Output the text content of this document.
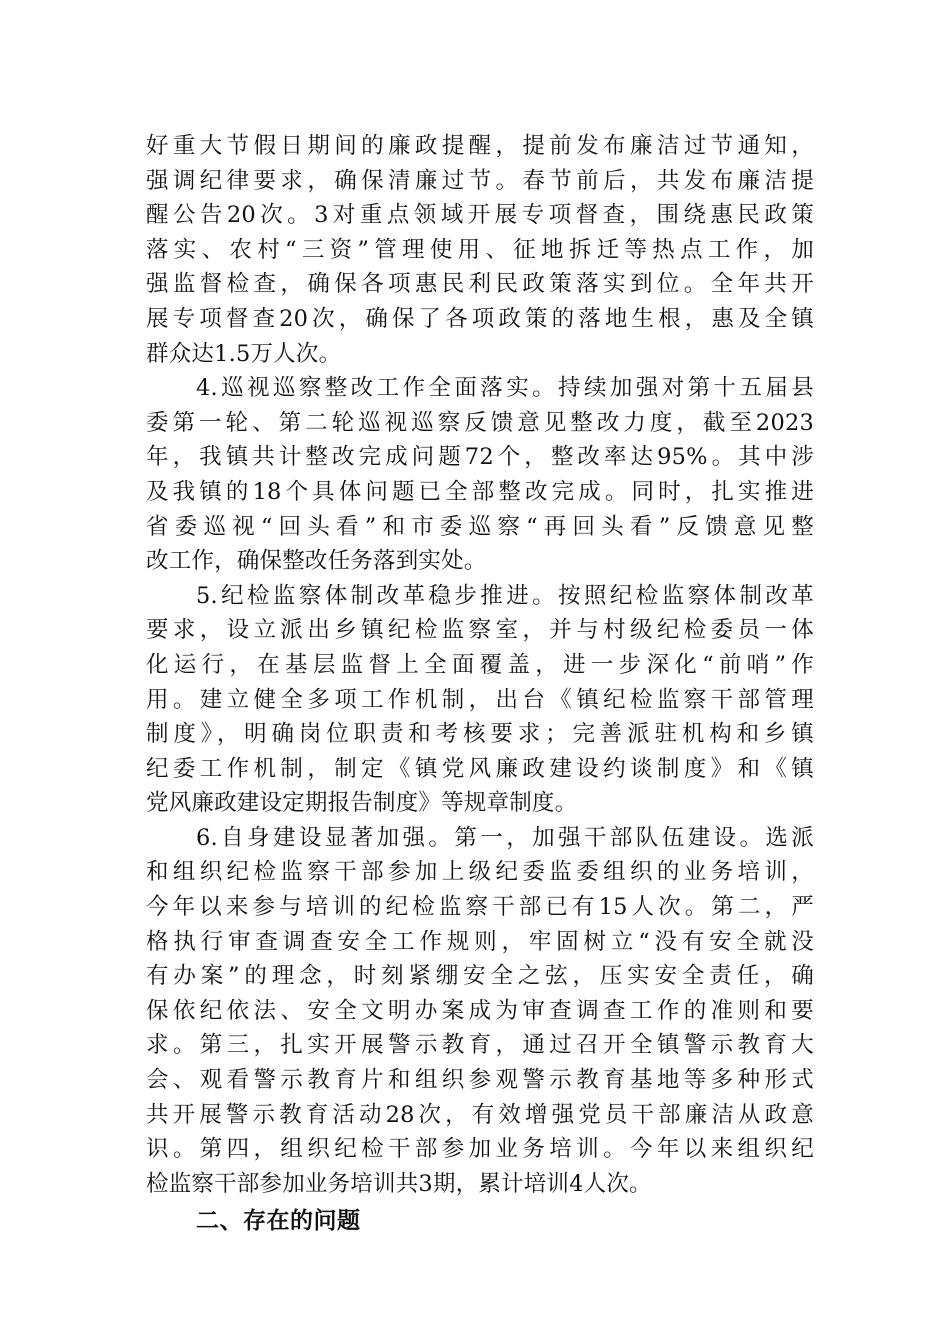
好重大节假日期间的廉政提醒，提前发布廉洁过节通知，
强调纪律要求，确保清廉过节。春节前后，共发布廉洁提
醒公告20次。3对重点领域开展专项督查，围绕惠民政策
落实、农村“三资”管理使用、征地拆迁等热点工作，加
强监督检查，确保各项惠民利民政策落实到位。全年共开
展专项督查20次，确保了各项政策的落地生根，惠及全镇
群众达1.5万人次。
4.巡视巡察整改工作全面落实。持续加强对第十五届县
委第一轮、第二轮巡视巡察反馈意见整改力度，截至2023
年，我镇共计整改完成问题72个，整改率达95%。其中涉
及我镇的18个具体问题已全部整改完成。同时，扎实推进
省委巡视“回头看”和市委巡察“再回头看”反馈意见整
改工作，确保整改任务落到实处。
5.纪检监察体制改革稳步推进。按照纪检监察体制改革
要求，设立派出乡镇纪检监察室，并与村级纪检委员一体
化运行，在基层监督上全面覆盖，进一步深化“前哨”作
用。建立健全多项工作机制，出台《镇纪检监察干部管理
制度》，明确岗位职责和考核要求；完善派驻机构和乡镇
纪委工作机制，制定《镇党风廉政建设约谈制度》和《镇
党风廉政建设定期报告制度》等规章制度。
6.自身建设显著加强。第一，加强干部队伍建设。选派
和组织纪检监察干部参加上级纪委监委组织的业务培训，
今年以来参与培训的纪检监察干部已有15人次。第二，严
格执行审查调查安全工作规则，牢固树立“没有安全就没
有办案”的理念，时刻紧绷安全之弦，压实安全责任，确
保依纪依法、安全文明办案成为审查调查工作的准则和要
求。第三，扎实开展警示教育，通过召开全镇警示教育大
会、观看警示教育片和组织参观警示教育基地等多种形式
共开展警示教育活动28次，有效增强党员干部廉洁从政意
识。第四，组织纪检干部参加业务培训。今年以来组织纪
检监察干部参加业务培训共3期，累计培训4人次。
二、存在的问题
